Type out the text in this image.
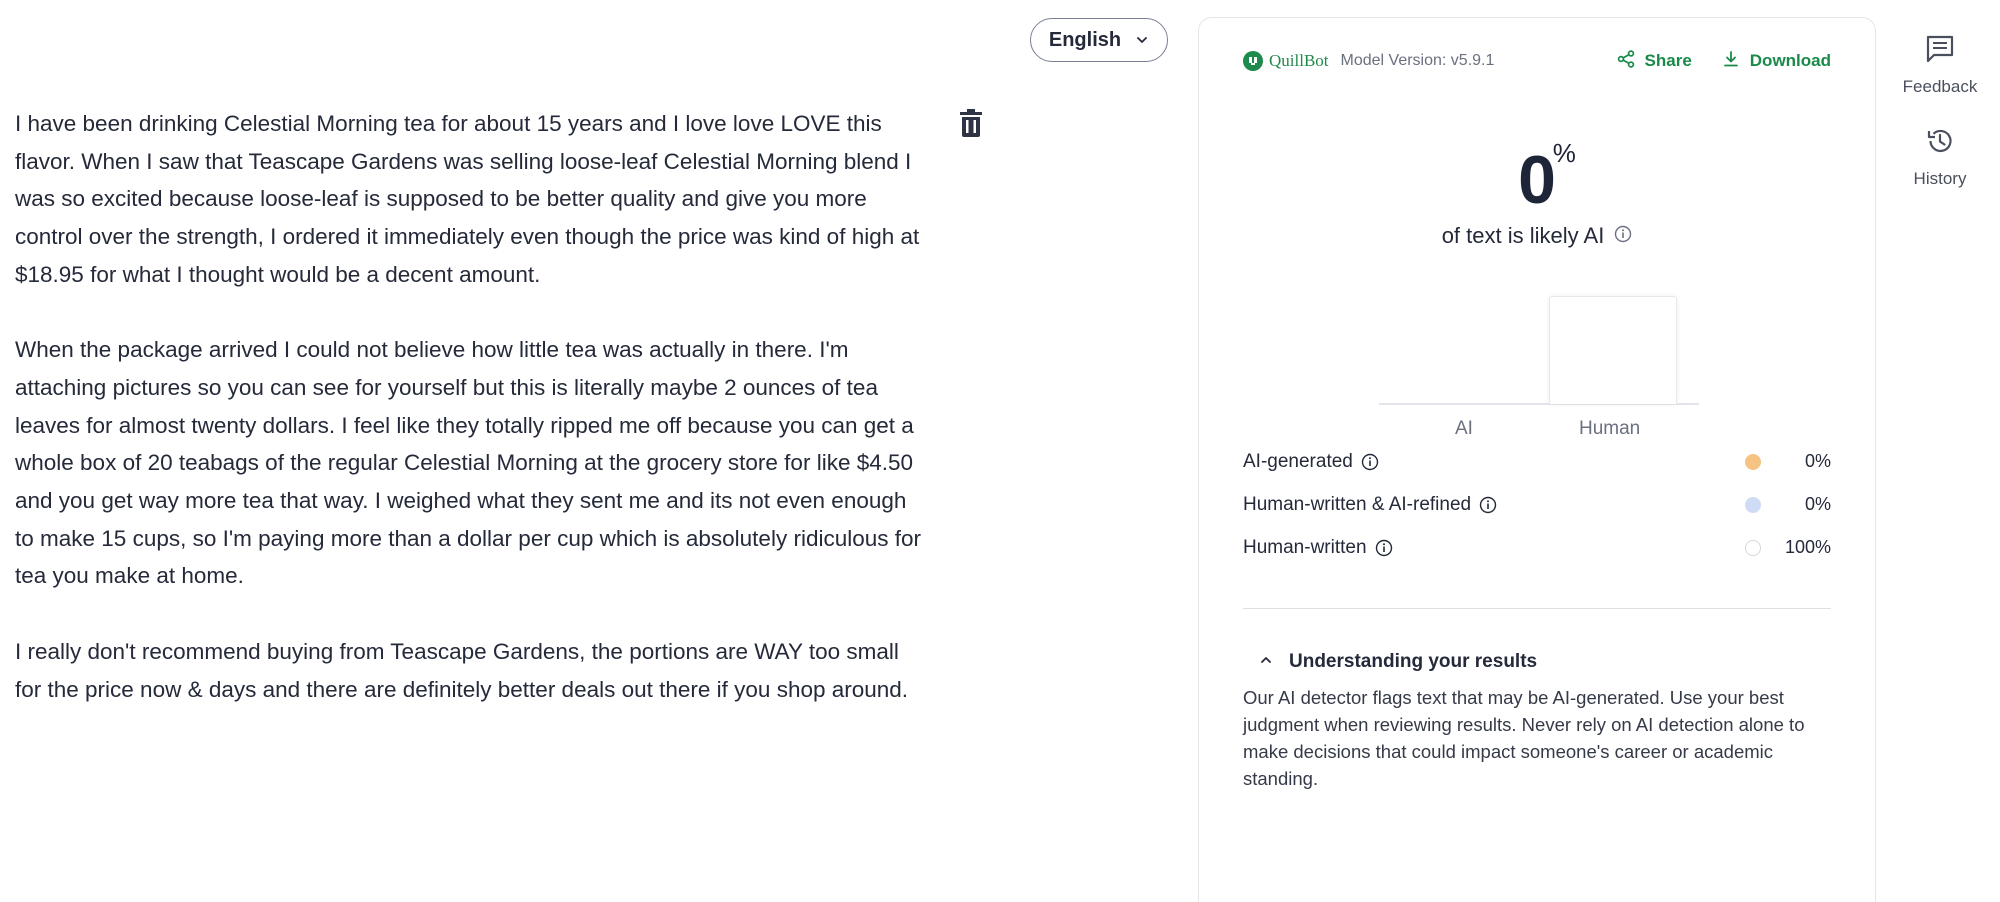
English

I have been drinking Celestial Morning tea for about 15 years and I love love LOVE this flavor. When I saw that Teascape Gardens was selling loose-leaf Celestial Morning blend I was so excited because loose-leaf is supposed to be better quality and give you more control over the strength, I ordered it immediately even though the price was kind of high at $18.95 for what I thought would be a decent amount.

When the package arrived I could not believe how little tea was actually in there. I'm attaching pictures so you can see for yourself but this is literally maybe 2 ounces of tea leaves for almost twenty dollars. I feel like they totally ripped me off because you can get a whole box of 20 teabags of the regular Celestial Morning at the grocery store for like $4.50 and you get way more tea that way. I weighed what they sent me and its not even enough to make 15 cups, so I'm paying more than a dollar per cup which is absolutely ridiculous for tea you make at home.

I really don't recommend buying from Teascape Gardens, the portions are WAY too small for the price now & days and there are definitely better deals out there if you shop around.

QuillBot Model Version: v5.9.1	Share	Download
0
%
of text is likely AI
AI	Human
AI-generated	0%
Human-written & AI-refined	0%
Human-written	100%
Understanding your results
Our AI detector flags text that may be AI-generated. Use your best judgment when reviewing results. Never rely on AI detection alone to make decisions that could impact someone's career or academic standing.
Feedback
History
